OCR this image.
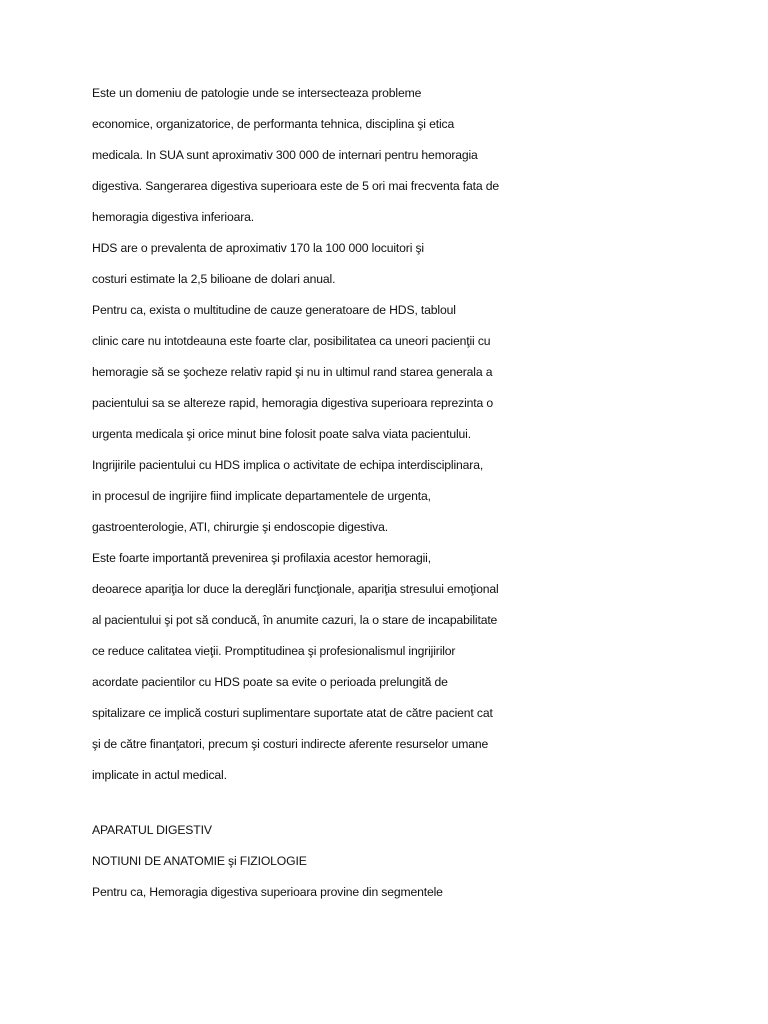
Este un domeniu de patologie unde se intersecteaza probleme
economice, organizatorice, de performanta tehnica, disciplina şi etica
medicala. In SUA sunt aproximativ 300 000 de internari pentru hemoragia
digestiva. Sangerarea digestiva superioara este de 5 ori mai frecventa fata de
hemoragia digestiva inferioara.
HDS are o prevalenta de aproximativ 170 la 100 000 locuitori şi
costuri estimate la 2,5 bilioane de dolari anual.
Pentru ca, exista o multitudine de cauze generatoare de HDS, tabloul
clinic care nu intotdeauna este foarte clar, posibilitatea ca uneori pacienţii cu
hemoragie să se şocheze relativ rapid şi nu in ultimul rand starea generala a
pacientului sa se altereze rapid, hemoragia digestiva superioara reprezinta o
urgenta medicala şi orice minut bine folosit poate salva viata pacientului.
Ingrijirile pacientului cu HDS implica o activitate de echipa interdisciplinara,
in procesul de ingrijire fiind implicate departamentele de urgenta,
gastroenterologie, ATI, chirurgie şi endoscopie digestiva.
Este foarte importantă prevenirea şi profilaxia acestor hemoragii,
deoarece apariţia lor duce la dereglări funcţionale, apariţia stresului emoţional
al pacientului şi pot să conducă, în anumite cazuri, la o stare de incapabilitate
ce reduce calitatea vieţii. Promptitudinea şi profesionalismul ingrijirilor
acordate pacientilor cu HDS poate sa evite o perioada prelungită de
spitalizare ce implică costuri suplimentare suportate atat de către pacient cat
şi de către finanţatori, precum şi costuri indirecte aferente resurselor umane
implicate in actul medical.
APARATUL DIGESTIV
NOTIUNI DE ANATOMIE şi FIZIOLOGIE
Pentru ca, Hemoragia digestiva superioara provine din segmentele
